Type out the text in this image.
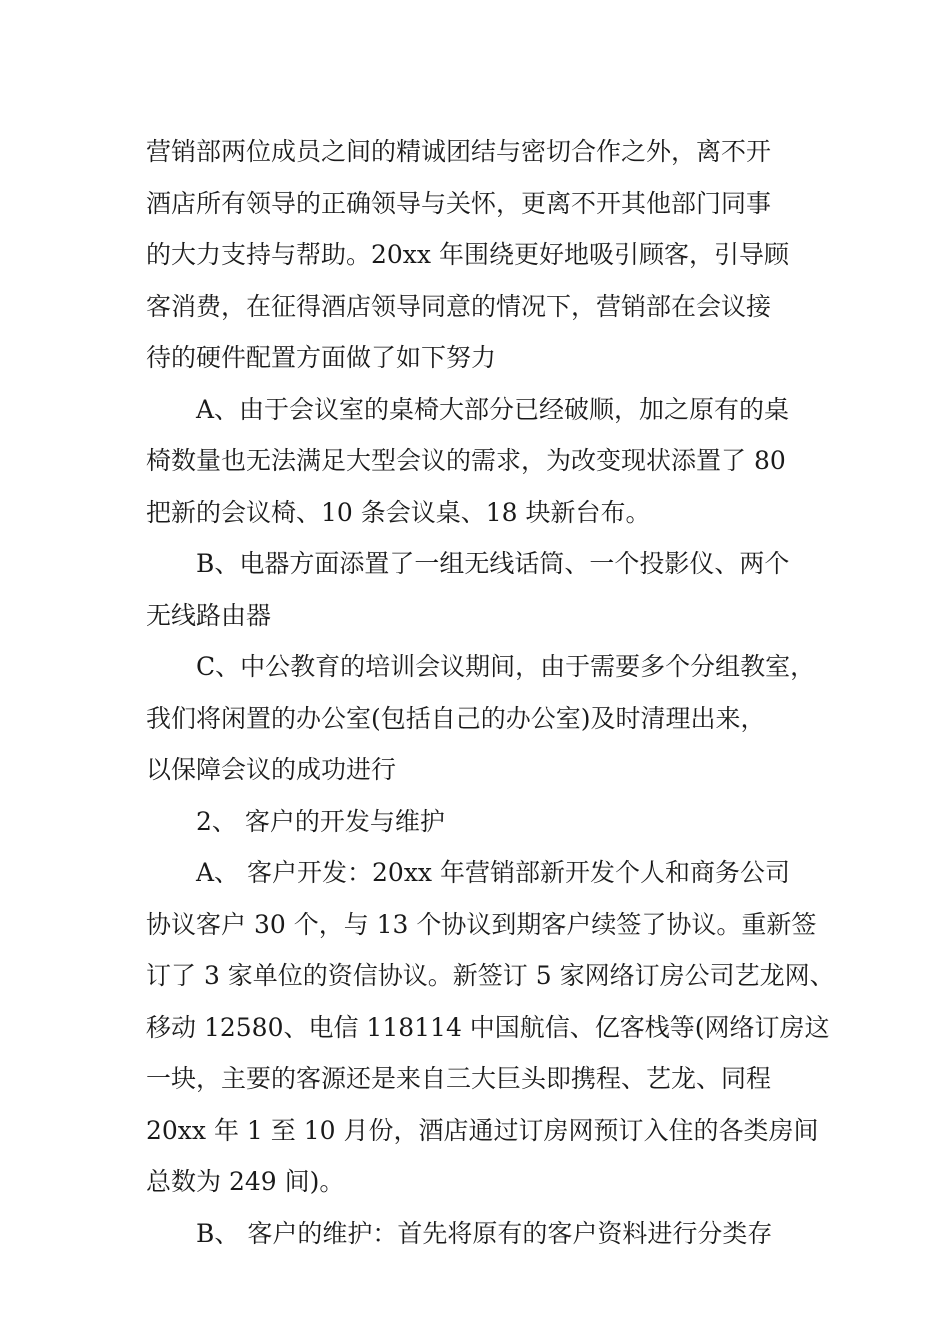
营销部两位成员之间的精诚团结与密切合作之外，离不开
酒店所有领导的正确领导与关怀，更离不开其他部门同事
的大力支持与帮助。20xx 年围绕更好地吸引顾客，引导顾
客消费，在征得酒店领导同意的情况下，营销部在会议接
待的硬件配置方面做了如下努力
A、由于会议室的桌椅大部分已经破顺，加之原有的桌
椅数量也无法满足大型会议的需求，为改变现状添置了 80
把新的会议椅、10 条会议桌、18 块新台布。
B、电器方面添置了一组无线话筒、一个投影仪、两个
无线路由器
C、中公教育的培训会议期间，由于需要多个分组教室，
我们将闲置的办公室(包括自己的办公室)及时清理出来，
以保障会议的成功进行
2、 客户的开发与维护
A、 客户开发：20xx 年营销部新开发个人和商务公司
协议客户 30 个，与 13 个协议到期客户续签了协议。重新签
订了 3 家单位的资信协议。新签订 5 家网络订房公司艺龙网、
移动 12580、电信 118114 中国航信、亿客栈等(网络订房这
一块，主要的客源还是来自三大巨头即携程、艺龙、同程
20xx 年 1 至 10 月份，酒店通过订房网预订入住的各类房间
总数为 249 间)。
B、 客户的维护：首先将原有的客户资料进行分类存
